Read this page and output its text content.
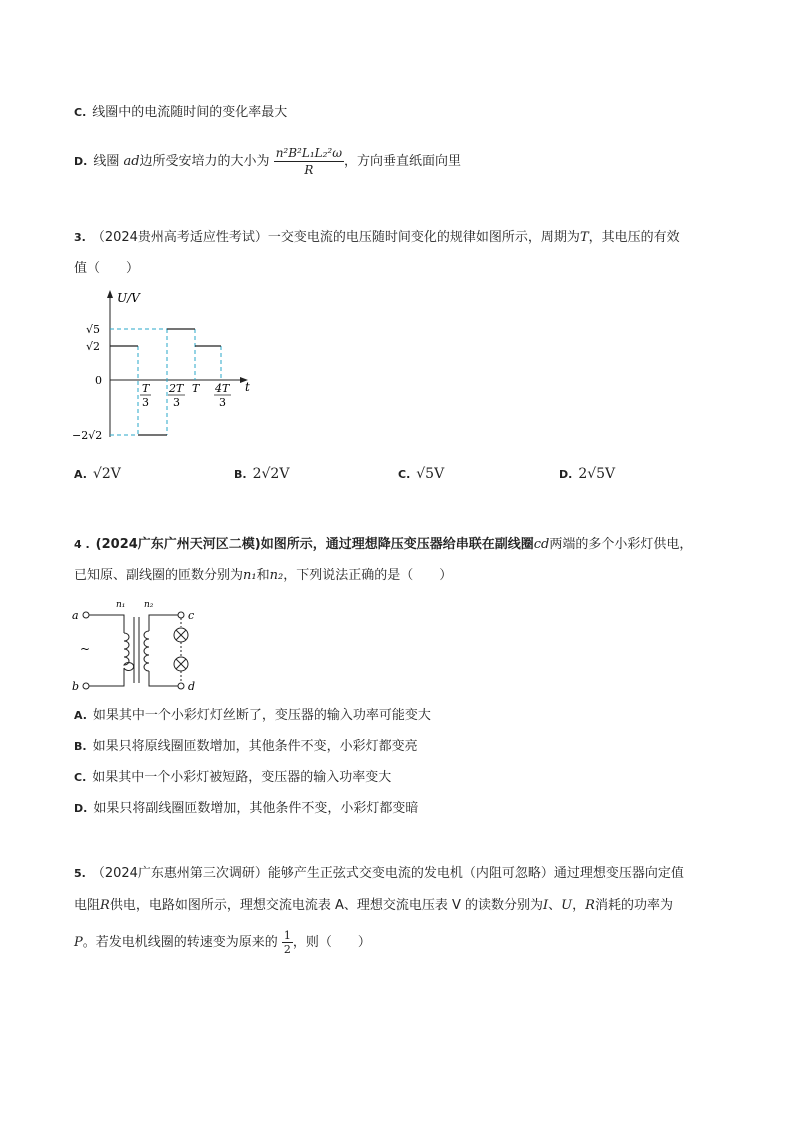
C. 线圈中的电流随时间的变化率最大
D. 线圈 ad边所受安培力的大小为 $\frac{\text{n²B²L₁L₂²ω}}{R}$ ，方向垂直纸面向里
3. （2024贵州高考适应性考试）一交变电流的电压随时间变化的规律如图所示，周期为T，其电压的有效
值（　　）
U/V
t
0
√5
√2
−2√2
T
3
2T
3
T 4T
3
A. √2V	B. 2√2V	C. √5V	D. 2√5V
4 . (2024广东广州天河区二模)如图所示，通过理想降压变压器给串联在副线圈cd两端的多个小彩灯供电，
已知原、副线圈的匝数分别为n₁和n₂，下列说法正确的是（　　）
a
b
c
d
n₁ n₂
~
A. 如果其中一个小彩灯灯丝断了，变压器的输入功率可能变大
B. 如果只将原线圈匝数增加，其他条件不变，小彩灯都变亮
C. 如果其中一个小彩灯被短路，变压器的输入功率变大
D. 如果只将副线圈匝数增加，其他条件不变，小彩灯都变暗
5. （2024广东惠州第三次调研）能够产生正弦式交变电流的发电机（内阻可忽略）通过理想变压器向定值
电阻R供电，电路如图所示，理想交流电流表 A、理想交流电压表 V 的读数分别为I、U，R消耗的功率为
P。若发电机线圈的转速变为原来的 $\frac{1}{2}$ ，则（　　）
